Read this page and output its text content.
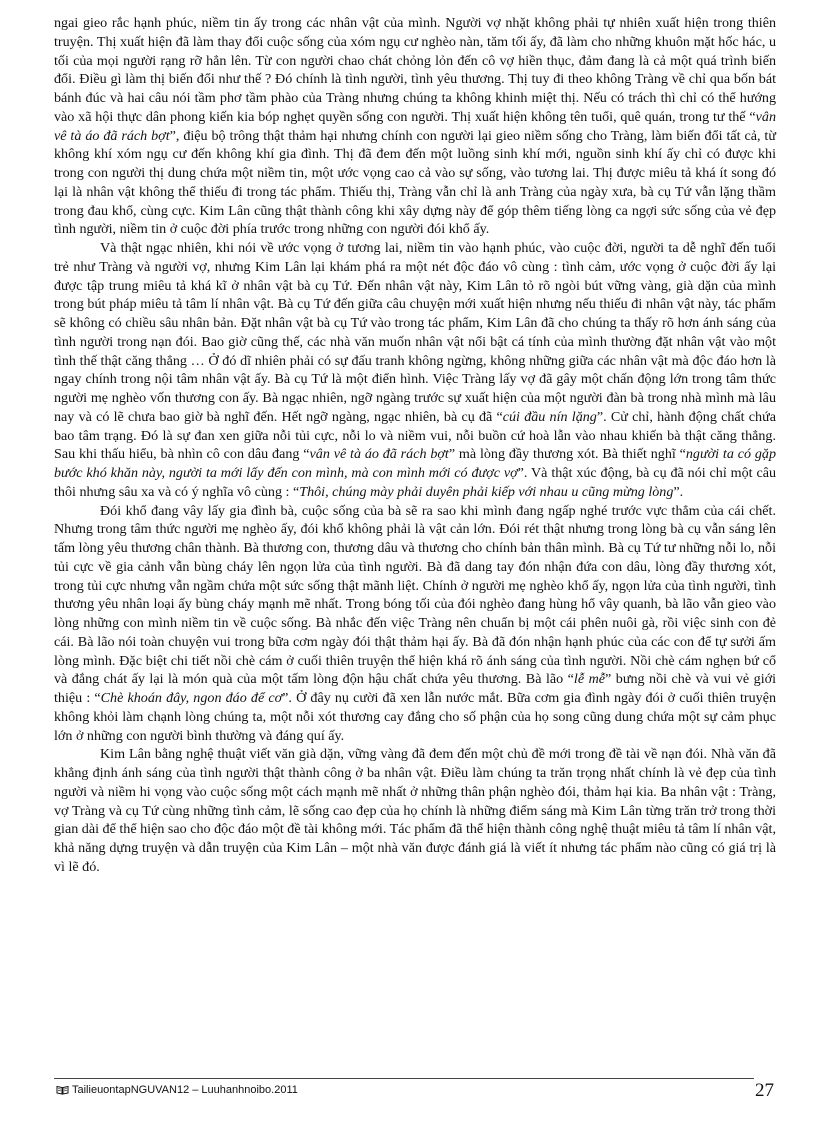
ngai gieo rắc hạnh phúc, niềm tin ấy trong các nhân vật của mình. Người vợ nhặt không phải tự nhiên xuất hiện trong thiên truyện. Thị xuất hiện đã làm thay đổi cuộc sống của xóm ngụ cư nghèo nàn, tăm tối ấy, đã làm cho những khuôn mặt hốc hác, u tối của mọi người rạng rỡ hẳn lên. Từ con người chao chát chỏng lỏn đến cô vợ hiền thục, đảm đang là cả một quá trình biến đổi. Điều gì làm thị biến đổi như thế ? Đó chính là tình người, tình yêu thương. Thị tuy đi theo không Tràng về chỉ qua bốn bát bánh đúc và hai câu nói tầm phơ tầm phào của Tràng nhưng chúng ta không khinh miệt thị. Nếu có trách thì chỉ có thể hướng vào xã hội thực dân phong kiến kia bóp nghẹt quyền sống con người. Thị xuất hiện không tên tuổi, quê quán, trong tư thế “vân vê tà áo đã rách bợt”, điệu bộ trông thật thảm hại nhưng chính con người lại gieo niềm sống cho Tràng, làm biến đổi tất cả, từ không khí xóm ngụ cư đến không khí gia đình. Thị đã đem đến một luồng sinh khí mới, nguồn sinh khí ấy chỉ có được khi trong con người thị dung chứa một niềm tin, một ước vọng cao cả vào sự sống, vào tương lai. Thị được miêu tả khá ít song đó lại là nhân vật không thể thiếu đi trong tác phẩm. Thiếu thị, Tràng vẫn chỉ là anh Tràng của ngày xưa, bà cụ Tứ vẫn lặng thầm trong đau khổ, cùng cực. Kim Lân cũng thật thành công khi xây dựng này để góp thêm tiếng lòng ca ngợi sức sống của vẻ đẹp tình người, niềm tin ở cuộc đời phía trước trong những con người đói khổ ấy.

Và thật ngạc nhiên, khi nói về ước vọng ở tương lai, niềm tin vào hạnh phúc, vào cuộc đời, người ta dễ nghĩ đến tuổi trẻ như Tràng và người vợ, nhưng Kim Lân lại khám phá ra một nét độc đáo vô cùng : tình cảm, ước vọng ở cuộc đời ấy lại được tập trung miêu tả khá kĩ ở nhân vật bà cụ Tứ. Đến nhân vật này, Kim Lân tỏ rõ ngòi bút vững vàng, già dặn của mình trong bút pháp miêu tả tâm lí nhân vật. Bà cụ Tứ đến giữa câu chuyện mới xuất hiện nhưng nếu thiếu đi nhân vật này, tác phẩm sẽ không có chiều sâu nhân bản. Đặt nhân vật bà cụ Tứ vào trong tác phẩm, Kim Lân đã cho chúng ta thấy rõ hơn ánh sáng của tình người trong nạn đói. Bao giờ cũng thế, các nhà văn muốn nhân vật nổi bật cá tính của mình thường đặt nhân vật vào một tình thế thật căng thẳng … Ở đó dĩ nhiên phải có sự đấu tranh không ngừng, không những giữa các nhân vật mà độc đáo hơn là ngay chính trong nội tâm nhân vật ấy. Bà cụ Tứ là một điển hình. Việc Tràng lấy vợ đã gây một chấn động lớn trong tâm thức người mẹ nghèo vốn thương con ấy. Bà ngạc nhiên, ngỡ ngàng trước sự xuất hiện của một người đàn bà trong nhà mình mà lâu nay và có lẽ chưa bao giờ bà nghĩ đến. Hết ngỡ ngàng, ngạc nhiên, bà cụ đã “cúi đầu nín lặng”. Cử chỉ, hành động chất chứa bao tâm trạng. Đó là sự đan xen giữa nỗi tủi cực, nỗi lo và niềm vui, nỗi buồn cứ hoà lẫn vào nhau khiến bà thật căng thẳng. Sau khi thấu hiểu, bà nhìn cô con dâu đang “vân vê tà áo đã rách bợt” mà lòng đầy thương xót. Bà thiết nghĩ “người ta có gặp bước khó khăn này, người ta mới lấy đến con mình, mà con mình mới có được vợ”. Và thật xúc động, bà cụ đã nói chỉ một câu thôi nhưng sâu xa và có ý nghĩa vô cùng : “Thôi, chúng mày phải duyên phải kiếp với nhau u cũng mừng lòng”.

Đói khổ đang vây lấy gia đình bà, cuộc sống của bà sẽ ra sao khi mình đang ngấp nghé trước vực thẳm của cái chết. Nhưng trong tâm thức người mẹ nghèo ấy, đói khổ không phải là vật cản lớn. Đói rét thật nhưng trong lòng bà cụ vẫn sáng lên tấm lòng yêu thương chân thành. Bà thương con, thương dâu và thương cho chính bản thân mình. Bà cụ Tứ tư những nỗi lo, nỗi tủi cực về gia cảnh vẫn bùng cháy lên ngọn lửa của tình người. Bà đã dang tay đón nhận đứa con dâu, lòng đầy thương xót, trong tủi cực nhưng vẫn ngầm chứa một sức sống thật mãnh liệt. Chính ở người mẹ nghèo khổ ấy, ngọn lửa của tình người, tình thương yêu nhân loại ấy bùng cháy mạnh mẽ nhất. Trong bóng tối của đói nghèo đang hùng hổ vây quanh, bà lão vẫn gieo vào lòng những con mình niềm tin về cuộc sống. Bà nhắc đến việc Tràng nên chuẩn bị một cái phên nuôi gà, rồi việc sinh con đẻ cái. Bà lão nói toàn chuyện vui trong bữa cơm ngày đói thật thảm hại ấy. Bà đã đón nhận hạnh phúc của các con để tự sưởi ấm lòng mình. Đặc biệt chi tiết nồi chè cám ở cuối thiên truyện thể hiện khá rõ ánh sáng của tình người. Nồi chè cám nghẹn bứ cổ và đắng chát ấy lại là món quà của một tấm lòng độn hậu chất chứa yêu thương. Bà lão “lễ mễ” bưng nồi chè và vui vẻ giới thiệu : “Chè khoán đây, ngon đáo để cơ”. Ở đây nụ cười đã xen lẫn nước mắt. Bữa cơm gia đình ngày đói ở cuối thiên truyện không khỏi làm chạnh lòng chúng ta, một nỗi xót thương cay đắng cho số phận của họ song cũng dung chứa một sự cảm phục lớn ở những con người bình thường và đáng quí ấy.

Kim Lân bằng nghệ thuật viết văn già dặn, vững vàng đã đem đến một chủ đề mới trong đề tài về nạn đói. Nhà văn đã khẳng định ánh sáng của tình người thật thành công ở ba nhân vật. Điều làm chúng ta trăn trọng nhất chính là vẻ đẹp của tình người và niềm hi vọng vào cuộc sống một cách mạnh mẽ nhất ở những thân phận nghèo đói, thảm hại kia. Ba nhân vật : Tràng, vợ Tràng và cụ Tứ cùng những tình cảm, lẽ sống cao đẹp của họ chính là những điểm sáng mà Kim Lân từng trăn trở trong thời gian dài để thể hiện sao cho độc đáo một đề tài không mới. Tác phẩm đã thể hiện thành công nghệ thuật miêu tả tâm lí nhân vật, khả năng dựng truyện và dẫn truyện của Kim Lân – một nhà văn được đánh giá là viết ít nhưng tác phẩm nào cũng có giá trị là vì lẽ đó.

TailieuontapNGUVAN12 – Luuhanhnoibo.2011	27
